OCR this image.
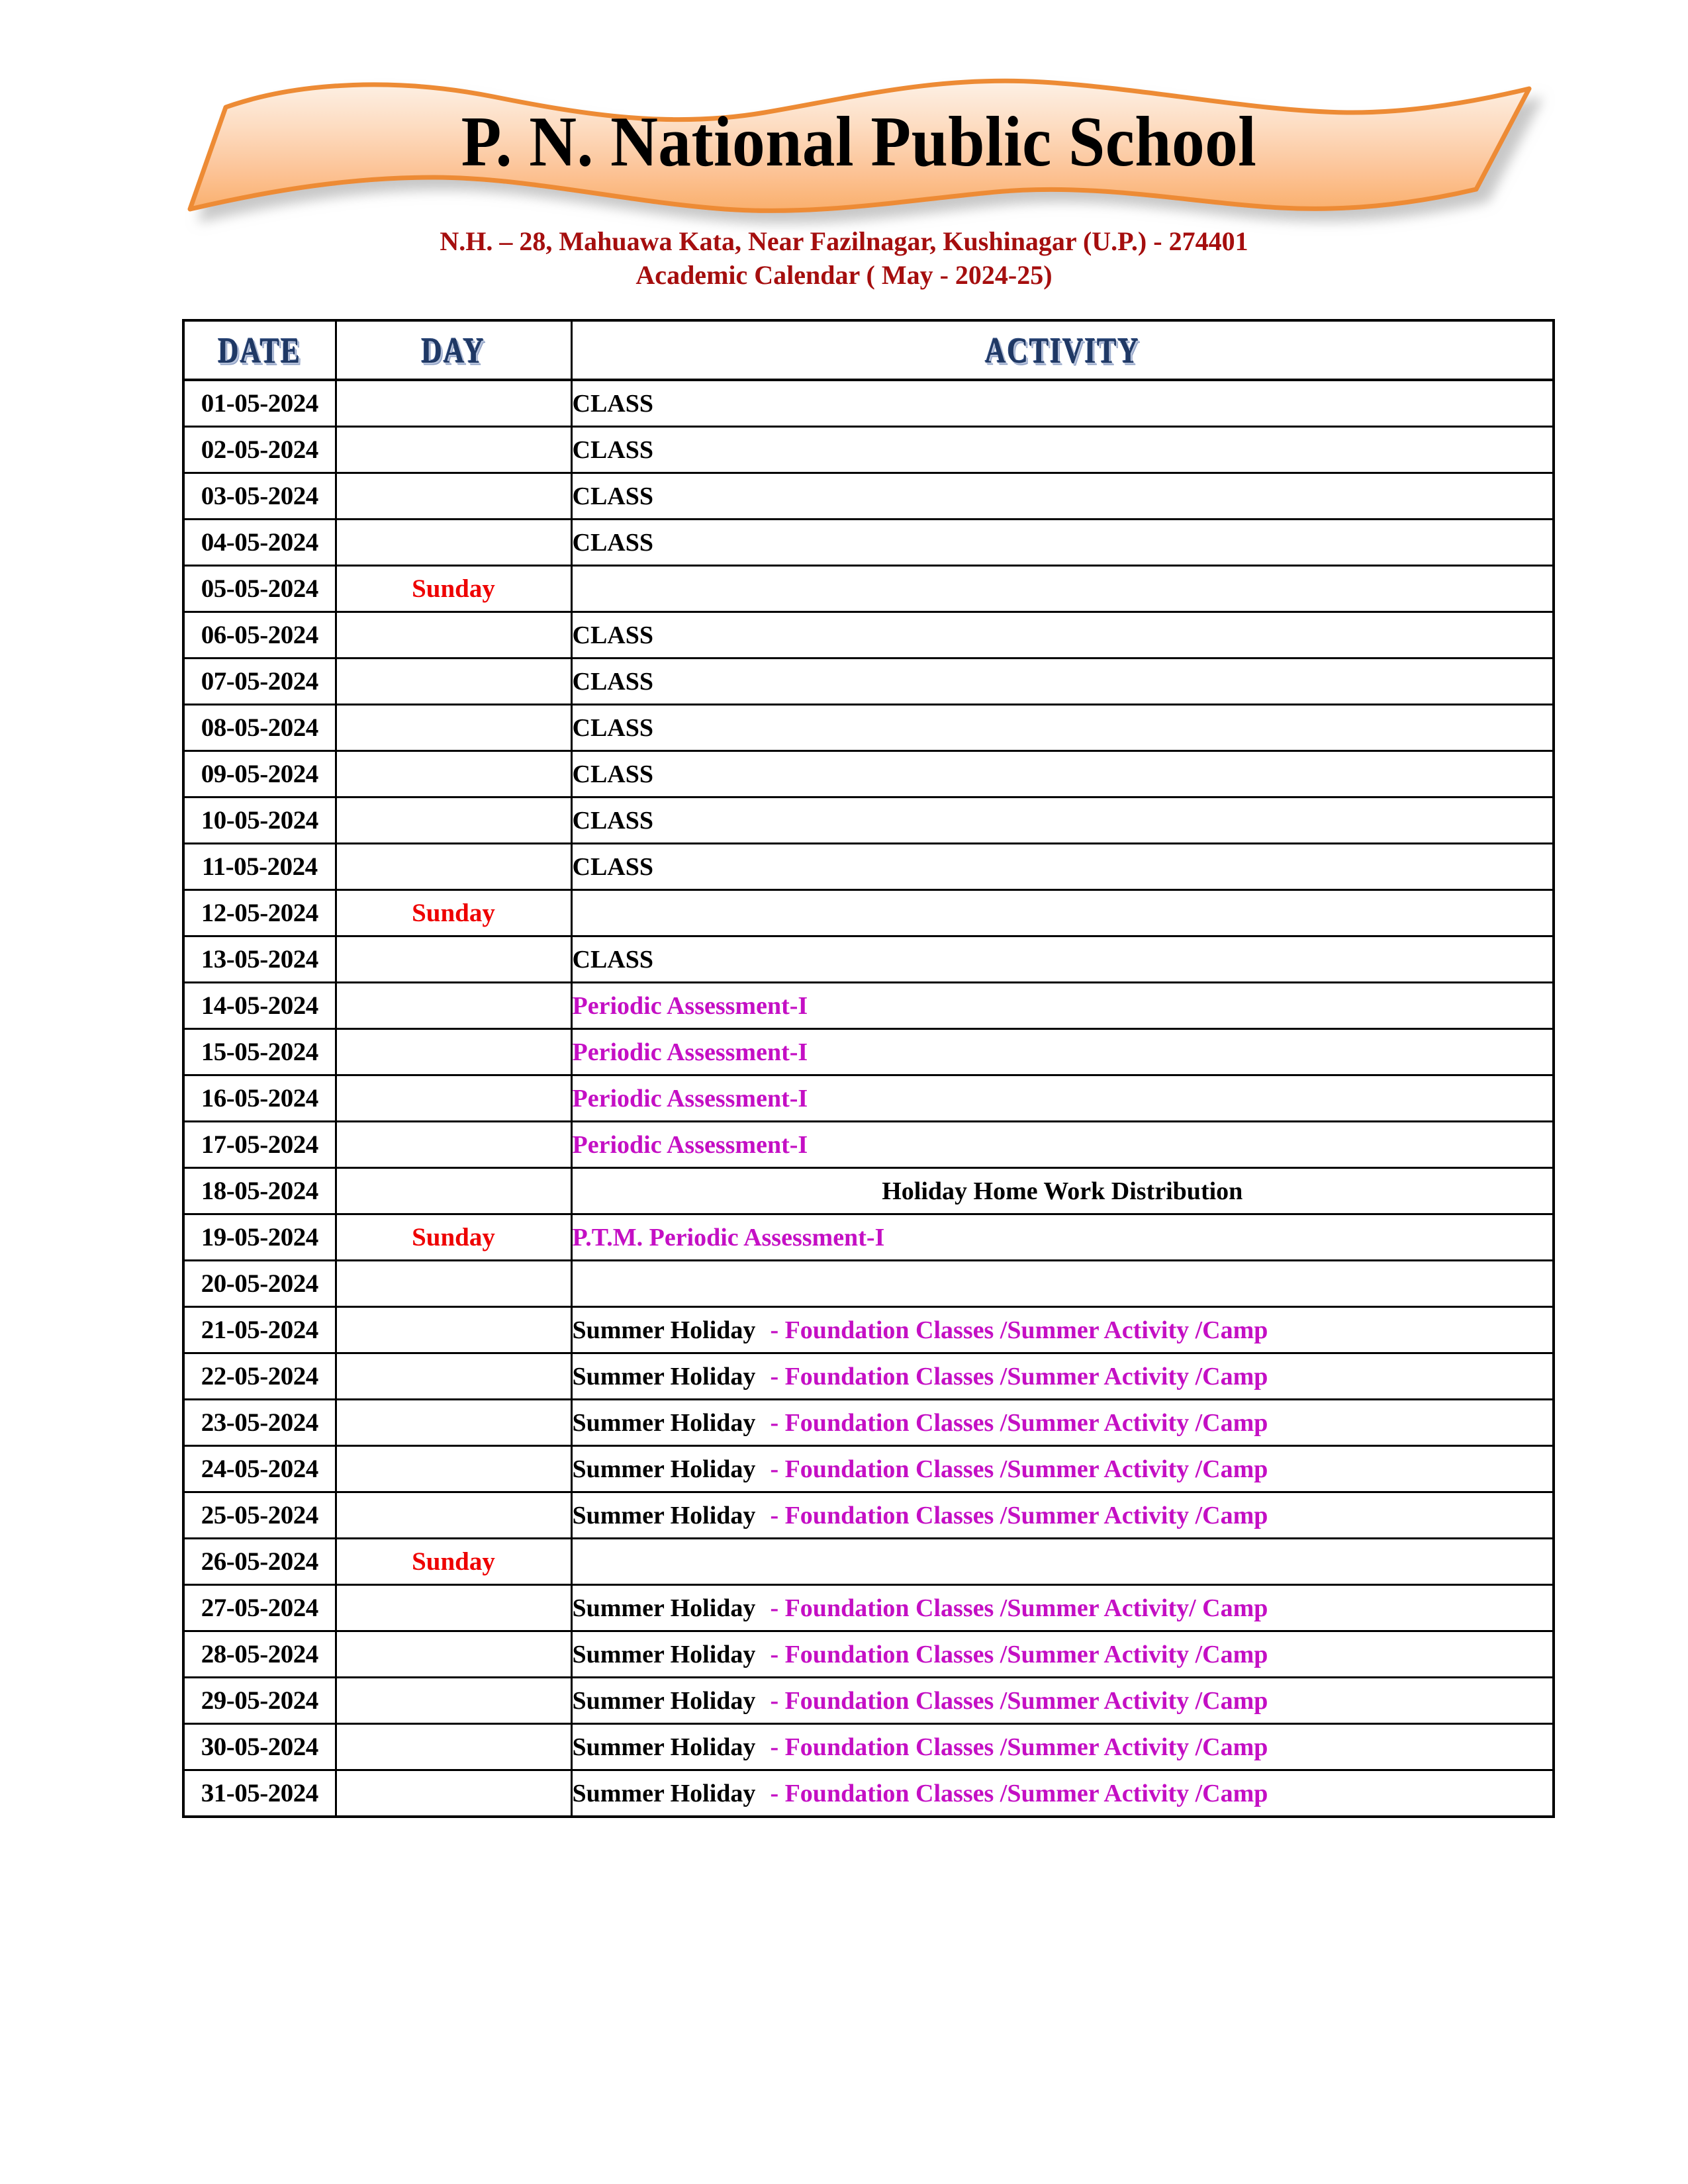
P. N. National Public School
N.H. – 28, Mahuawa Kata, Near Fazilnagar, Kushinagar (U.P.) - 274401
Academic Calendar ( May - 2024-25)
DATE	DAY	ACTIVITY
01-05-2024		CLASS
02-05-2024		CLASS
03-05-2024		CLASS
04-05-2024		CLASS
05-05-2024	Sunday	
06-05-2024		CLASS
07-05-2024		CLASS
08-05-2024		CLASS
09-05-2024		CLASS
10-05-2024		CLASS
11-05-2024		CLASS
12-05-2024	Sunday	
13-05-2024		CLASS
14-05-2024		Periodic Assessment-I
15-05-2024		Periodic Assessment-I
16-05-2024		Periodic Assessment-I
17-05-2024		Periodic Assessment-I
18-05-2024		Holiday Home Work Distribution
19-05-2024	Sunday	P.T.M. Periodic Assessment-I
20-05-2024		
21-05-2024		Summer Holiday - Foundation Classes /Summer Activity /Camp
22-05-2024		Summer Holiday - Foundation Classes /Summer Activity /Camp
23-05-2024		Summer Holiday - Foundation Classes /Summer Activity /Camp
24-05-2024		Summer Holiday - Foundation Classes /Summer Activity /Camp
25-05-2024		Summer Holiday - Foundation Classes /Summer Activity /Camp
26-05-2024	Sunday	
27-05-2024		Summer Holiday - Foundation Classes /Summer Activity/ Camp
28-05-2024		Summer Holiday - Foundation Classes /Summer Activity /Camp
29-05-2024		Summer Holiday - Foundation Classes /Summer Activity /Camp
30-05-2024		Summer Holiday - Foundation Classes /Summer Activity /Camp
31-05-2024		Summer Holiday - Foundation Classes /Summer Activity /Camp
